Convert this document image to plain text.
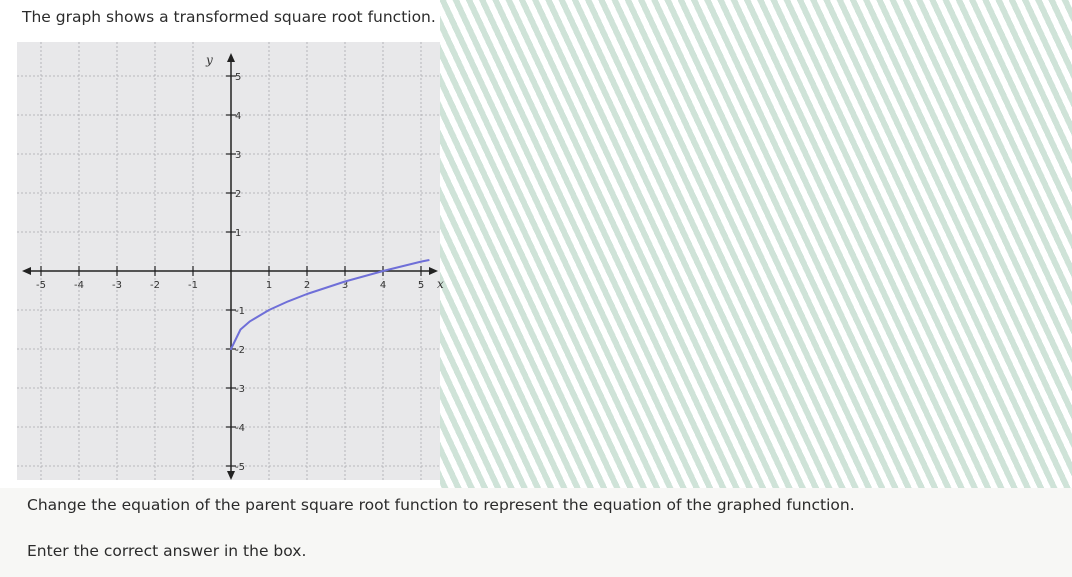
The graph shows a transformed square root function.
-5	-4	-3	-2	-1	1	2	3	4	5
5
4
3
2
1
-1
-2
-3
-4
-5
x
y
Change the equation of the parent square root function to represent the equation of the graphed function.
Enter the correct answer in the box.
